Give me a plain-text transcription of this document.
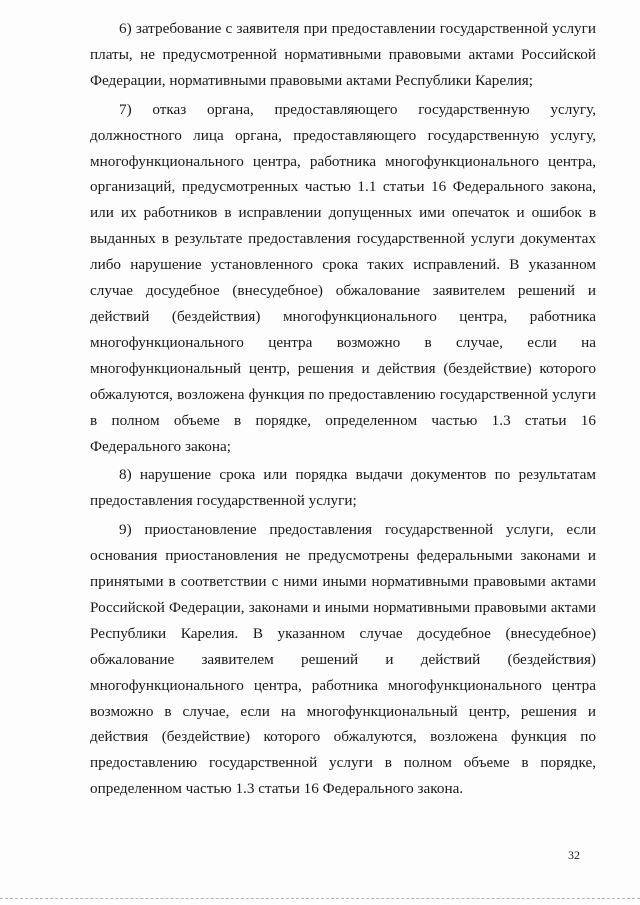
6) затребование с заявителя при предоставлении государственной услуги платы, не предусмотренной нормативными правовыми актами Российской Федерации, нормативными правовыми актами Республики Карелия;

7) отказ органа, предоставляющего государственную услугу, должностного лица органа, предоставляющего государственную услугу, многофункционального центра, работника многофункционального центра, организаций, предусмотренных частью 1.1 статьи 16 Федерального закона, или их работников в исправлении допущенных ими опечаток и ошибок в выданных в результате предоставления государственной услуги документах либо нарушение установленного срока таких исправлений. В указанном случае досудебное (внесудебное) обжалование заявителем решений и действий (бездействия) многофункционального центра, работника многофункционального центра возможно в случае, если на многофункциональный центр, решения и действия (бездействие) которого обжалуются, возложена функция по предоставлению государственной услуги в полном объеме в порядке, определенном частью 1.3 статьи 16 Федерального закона;

8) нарушение срока или порядка выдачи документов по результатам предоставления государственной услуги;

9) приостановление предоставления государственной услуги, если основания приостановления не предусмотрены федеральными законами и принятыми в соответствии с ними иными нормативными правовыми актами Российской Федерации, законами и иными нормативными правовыми актами Республики Карелия. В указанном случае досудебное (внесудебное) обжалование заявителем решений и действий (бездействия) многофункционального центра, работника многофункционального центра возможно в случае, если на многофункциональный центр, решения и действия (бездействие) которого обжалуются, возложена функция по предоставлению государственной услуги в полном объеме в порядке, определенном частью 1.3 статьи 16 Федерального закона.

32
